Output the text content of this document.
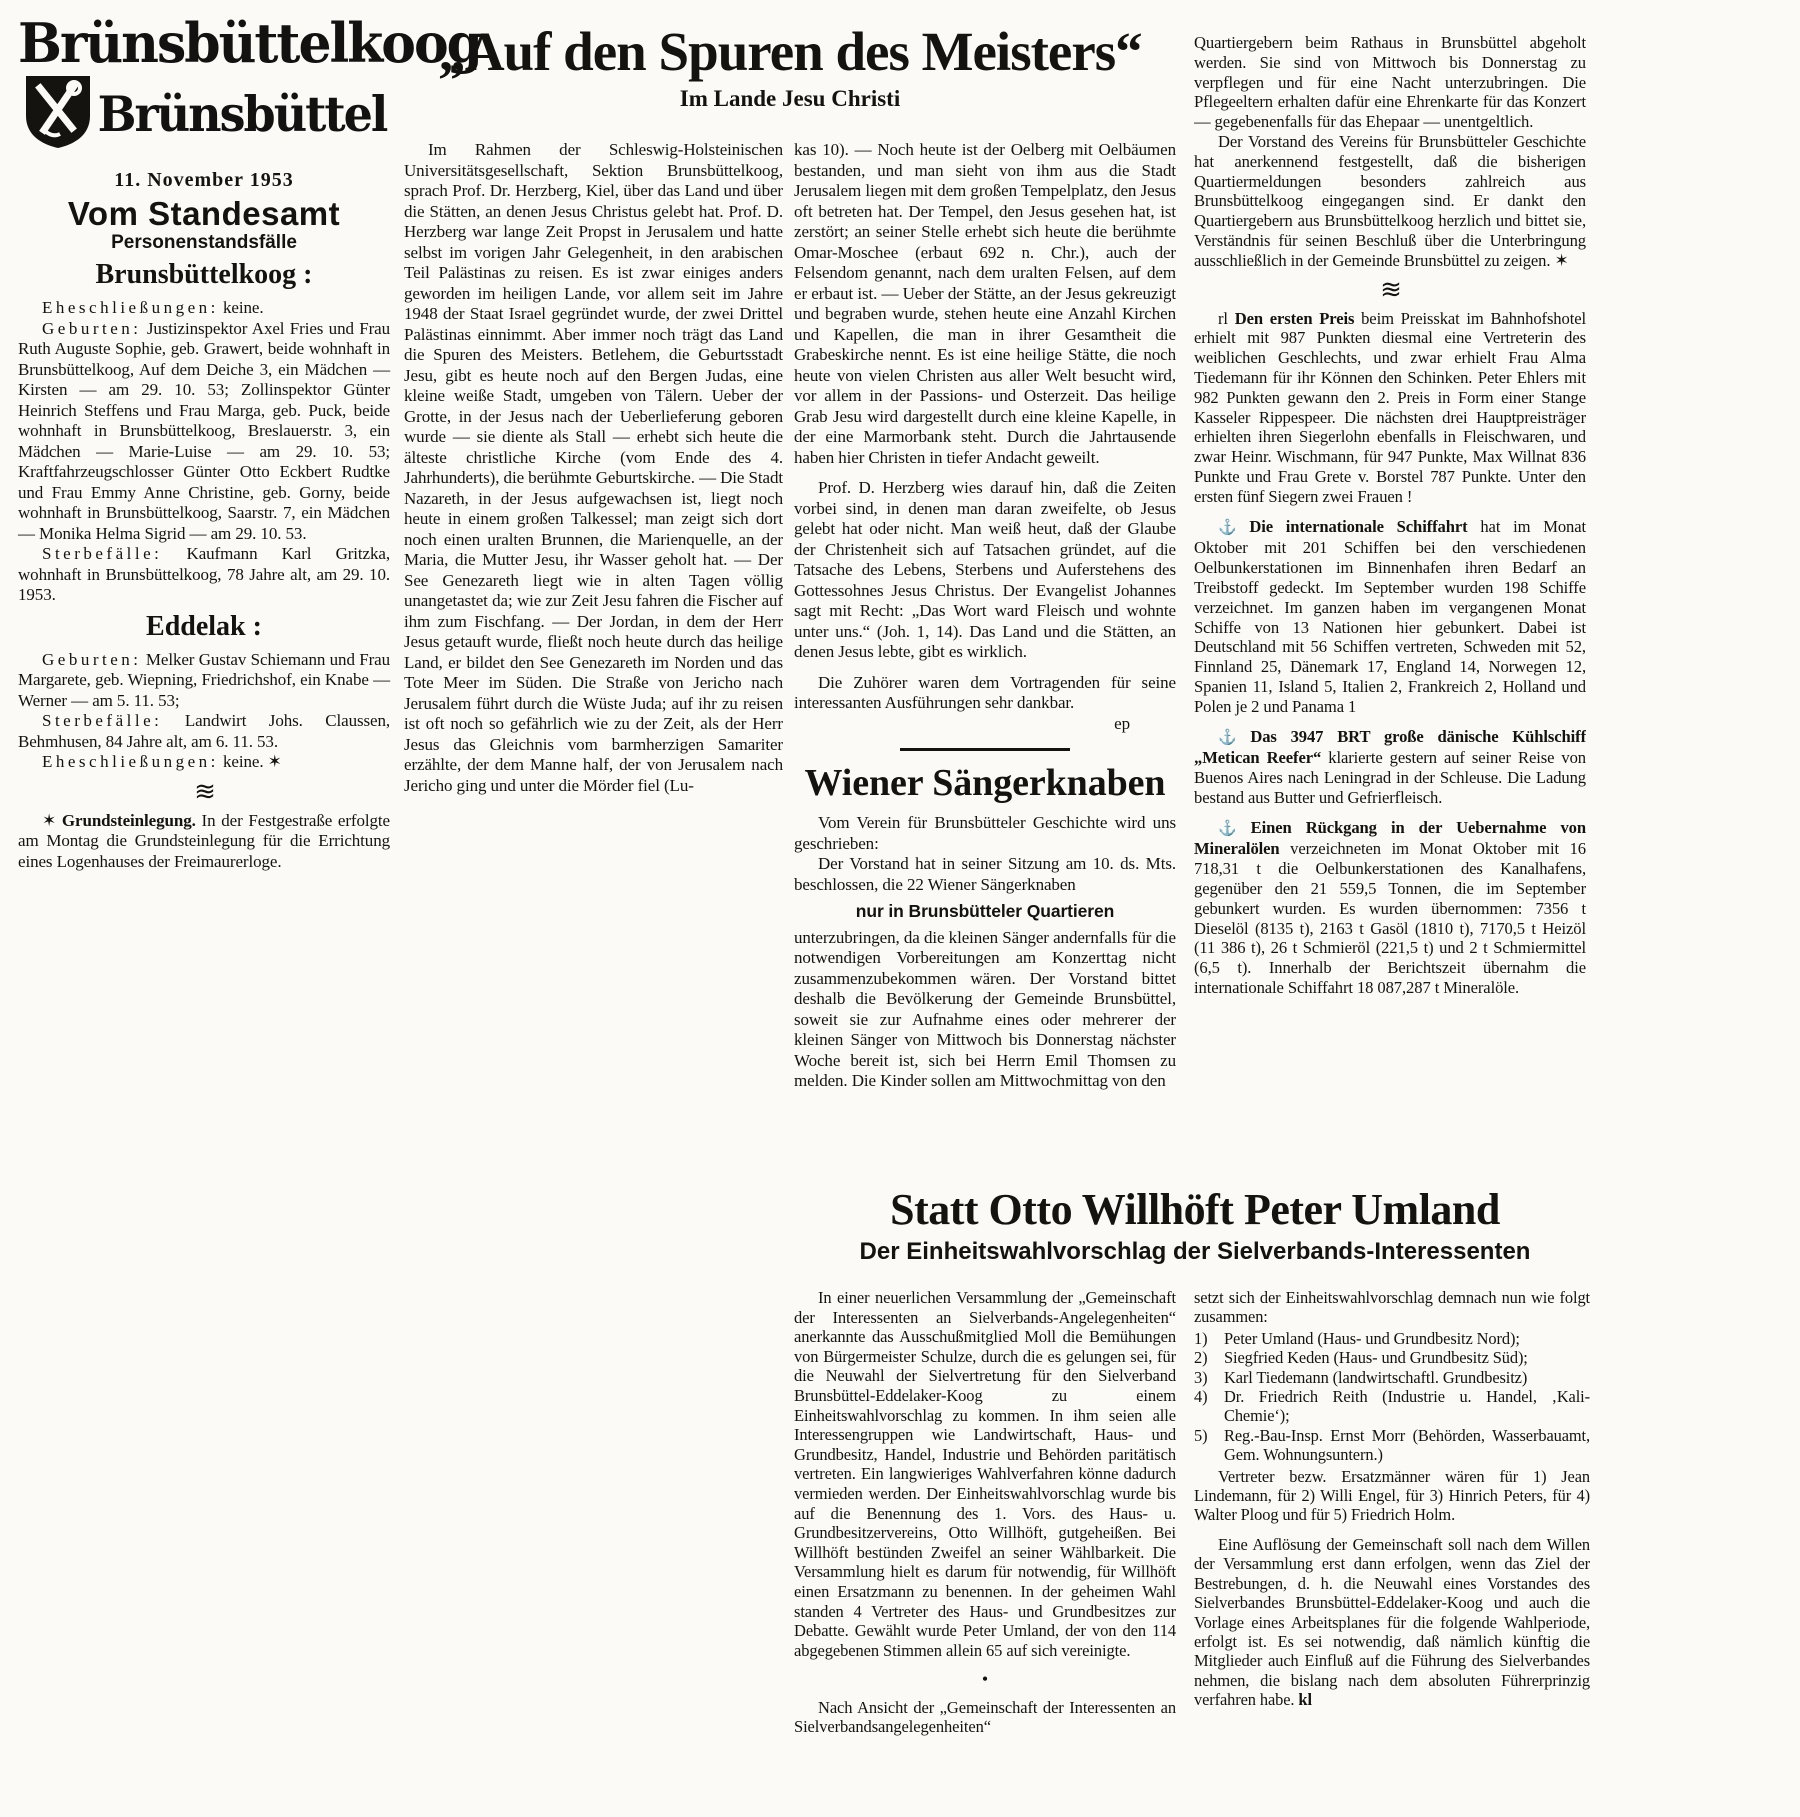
Brünsbüttelkoog
Brünsbüttel
11. November 1953
Vom Standesamt
Personenstandsfälle
Brunsbüttelkoog :

Eheschließungen: keine.

Geburten: Justizinspektor Axel Fries und Frau Ruth Auguste Sophie, geb. Grawert, beide wohnhaft in Brunsbüttelkoog, Auf dem Deiche 3, ein Mädchen — Kirsten — am 29. 10. 53; Zollinspektor Günter Heinrich Steffens und Frau Marga, geb. Puck, beide wohnhaft in Brunsbüttelkoog, Breslauerstr. 3, ein Mädchen — Marie-Luise — am 29. 10. 53; Kraftfahrzeugschlosser Günter Otto Eckbert Rudtke und Frau Emmy Anne Christine, geb. Gorny, beide wohnhaft in Brunsbüttelkoog, Saarstr. 7, ein Mädchen — Monika Helma Sigrid — am 29. 10. 53.

Sterbefälle: Kaufmann Karl Gritzka, wohnhaft in Brunsbüttelkoog, 78 Jahre alt, am 29. 10. 1953.

Eddelak :

Geburten: Melker Gustav Schiemann und Frau Margarete, geb. Wiepning, Friedrichshof, ein Knabe — Werner — am 5. 11. 53;

Sterbefälle: Landwirt Johs. Claussen, Behmhusen, 84 Jahre alt, am 6. 11. 53.

Eheschließungen: keine. ✶

≋

✶ Grundsteinlegung. In der Festgestraße erfolgte am Montag die Grundsteinlegung für die Errichtung eines Logenhauses der Freimaurerloge.

„Auf den Spuren des Meisters“
Im Lande Jesu Christi

Im Rahmen der Schleswig-Holsteinischen Universitätsgesellschaft, Sektion Brunsbüttelkoog, sprach Prof. Dr. Herzberg, Kiel, über das Land und über die Stätten, an denen Jesus Christus gelebt hat. Prof. D. Herzberg war lange Zeit Propst in Jerusalem und hatte selbst im vorigen Jahr Gelegenheit, in den arabischen Teil Palästinas zu reisen. Es ist zwar einiges anders geworden im heiligen Lande, vor allem seit im Jahre 1948 der Staat Israel gegründet wurde, der zwei Drittel Palästinas einnimmt. Aber immer noch trägt das Land die Spuren des Meisters. Betlehem, die Geburtsstadt Jesu, gibt es heute noch auf den Bergen Judas, eine kleine weiße Stadt, umgeben von Tälern. Ueber der Grotte, in der Jesus nach der Ueberlieferung geboren wurde — sie diente als Stall — erhebt sich heute die älteste christliche Kirche (vom Ende des 4. Jahrhunderts), die berühmte Geburtskirche. — Die Stadt Nazareth, in der Jesus aufgewachsen ist, liegt noch heute in einem großen Talkessel; man zeigt sich dort noch einen uralten Brunnen, die Marienquelle, an der Maria, die Mutter Jesu, ihr Wasser geholt hat. — Der See Genezareth liegt wie in alten Tagen völlig unangetastet da; wie zur Zeit Jesu fahren die Fischer auf ihm zum Fischfang. — Der Jordan, in dem der Herr Jesus getauft wurde, fließt noch heute durch das heilige Land, er bildet den See Genezareth im Norden und das Tote Meer im Süden. Die Straße von Jericho nach Jerusalem führt durch die Wüste Juda; auf ihr zu reisen ist oft noch so gefährlich wie zu der Zeit, als der Herr Jesus das Gleichnis vom barmherzigen Samariter erzählte, der dem Manne half, der von Jerusalem nach Jericho ging und unter die Mörder fiel (Lu-

kas 10). — Noch heute ist der Oelberg mit Oelbäumen bestanden, und man sieht von ihm aus die Stadt Jerusalem liegen mit dem großen Tempelplatz, den Jesus oft betreten hat. Der Tempel, den Jesus gesehen hat, ist zerstört; an seiner Stelle erhebt sich heute die berühmte Omar-Moschee (erbaut 692 n. Chr.), auch der Felsendom genannt, nach dem uralten Felsen, auf dem er erbaut ist. — Ueber der Stätte, an der Jesus gekreuzigt und begraben wurde, stehen heute eine Anzahl Kirchen und Kapellen, die man in ihrer Gesamtheit die Grabeskirche nennt. Es ist eine heilige Stätte, die noch heute von vielen Christen aus aller Welt besucht wird, vor allem in der Passions- und Osterzeit. Das heilige Grab Jesu wird dargestellt durch eine kleine Kapelle, in der eine Marmorbank steht. Durch die Jahrtausende haben hier Christen in tiefer Andacht geweilt.

Prof. D. Herzberg wies darauf hin, daß die Zeiten vorbei sind, in denen man daran zweifelte, ob Jesus gelebt hat oder nicht. Man weiß heut, daß der Glaube der Christenheit sich auf Tatsachen gründet, auf die Tatsache des Lebens, Sterbens und Auferstehens des Gottessohnes Jesus Christus. Der Evangelist Johannes sagt mit Recht: „Das Wort ward Fleisch und wohnte unter uns.“ (Joh. 1, 14). Das Land und die Stätten, an denen Jesus lebte, gibt es wirklich.

Die Zuhörer waren dem Vortragenden für seine interessanten Ausführungen sehr dankbar.

ep

Wiener Sängerknaben

Vom Verein für Brunsbütteler Geschichte wird uns geschrieben:

Der Vorstand hat in seiner Sitzung am 10. ds. Mts. beschlossen, die 22 Wiener Sängerknaben

nur in Brunsbütteler Quartieren

unterzubringen, da die kleinen Sänger andernfalls für die notwendigen Vorbereitungen am Konzerttag nicht zusammenzubekommen wären. Der Vorstand bittet deshalb die Bevölkerung der Gemeinde Brunsbüttel, soweit sie zur Aufnahme eines oder mehrerer der kleinen Sänger von Mittwoch bis Donnerstag nächster Woche bereit ist, sich bei Herrn Emil Thomsen zu melden. Die Kinder sollen am Mittwochmittag von den

Quartiergebern beim Rathaus in Brunsbüttel abgeholt werden. Sie sind von Mittwoch bis Donnerstag zu verpflegen und für eine Nacht unterzubringen. Die Pflegeeltern erhalten dafür eine Ehrenkarte für das Konzert — gegebenenfalls für das Ehepaar — unentgeltlich.

Der Vorstand des Vereins für Brunsbütteler Geschichte hat anerkennend festgestellt, daß die bisherigen Quartiermeldungen besonders zahlreich aus Brunsbüttelkoog eingegangen sind. Er dankt den Quartiergebern aus Brunsbüttelkoog herzlich und bittet sie, Verständnis für seinen Beschluß über die Unterbringung ausschließlich in der Gemeinde Brunsbüttel zu zeigen. ✶

≋

rl Den ersten Preis beim Preisskat im Bahnhofshotel erhielt mit 987 Punkten diesmal eine Vertreterin des weiblichen Geschlechts, und zwar erhielt Frau Alma Tiedemann für ihr Können den Schinken. Peter Ehlers mit 982 Punkten gewann den 2. Preis in Form einer Stange Kasseler Rippespeer. Die nächsten drei Hauptpreisträger erhielten ihren Siegerlohn ebenfalls in Fleischwaren, und zwar Heinr. Wischmann, für 947 Punkte, Max Willnat 836 Punkte und Frau Grete v. Borstel 787 Punkte. Unter den ersten fünf Siegern zwei Frauen !

⚓ Die internationale Schiffahrt hat im Monat Oktober mit 201 Schiffen bei den verschiedenen Oelbunkerstationen im Binnenhafen ihren Bedarf an Treibstoff gedeckt. Im September wurden 198 Schiffe verzeichnet. Im ganzen haben im vergangenen Monat Schiffe von 13 Nationen hier gebunkert. Dabei ist Deutschland mit 56 Schiffen vertreten, Schweden mit 52, Finnland 25, Dänemark 17, England 14, Norwegen 12, Spanien 11, Island 5, Italien 2, Frankreich 2, Holland und Polen je 2 und Panama 1

⚓ Das 3947 BRT große dänische Kühlschiff „Metican Reefer“ klarierte gestern auf seiner Reise von Buenos Aires nach Leningrad in der Schleuse. Die Ladung bestand aus Butter und Gefrierfleisch.

⚓ Einen Rückgang in der Uebernahme von Mineralölen verzeichneten im Monat Oktober mit 16 718,31 t die Oelbunkerstationen des Kanalhafens, gegenüber den 21 559,5 Tonnen, die im September gebunkert wurden. Es wurden übernommen: 7356 t Dieselöl (8135 t), 2163 t Gasöl (1810 t), 7170,5 t Heizöl (11 386 t), 26 t Schmieröl (221,5 t) und 2 t Schmiermittel (6,5 t). Innerhalb der Berichtszeit übernahm die internationale Schiffahrt 18 087,287 t Mineralöle.

Statt Otto Willhöft Peter Umland
Der Einheitswahlvorschlag der Sielverbands-Interessenten

In einer neuerlichen Versammlung der „Gemeinschaft der Interessenten an Sielverbands-Angelegenheiten“ anerkannte das Ausschußmitglied Moll die Bemühungen von Bürgermeister Schulze, durch die es gelungen sei, für die Neuwahl der Sielvertretung für den Sielverband Brunsbüttel-Eddelaker-Koog zu einem Einheitswahlvorschlag zu kommen. In ihm seien alle Interessengruppen wie Landwirtschaft, Haus- und Grundbesitz, Handel, Industrie und Behörden paritätisch vertreten. Ein langwieriges Wahlverfahren könne dadurch vermieden werden. Der Einheitswahlvorschlag wurde bis auf die Benennung des 1. Vors. des Haus- u. Grundbesitzervereins, Otto Willhöft, gutgeheißen. Bei Willhöft bestünden Zweifel an seiner Wählbarkeit. Die Versammlung hielt es darum für notwendig, für Willhöft einen Ersatzmann zu benennen. In der geheimen Wahl standen 4 Vertreter des Haus- und Grundbesitzes zur Debatte. Gewählt wurde Peter Umland, der von den 114 abgegebenen Stimmen allein 65 auf sich vereinigte.

•

Nach Ansicht der „Gemeinschaft der Interessenten an Sielverbandsangelegenheiten“

setzt sich der Einheitswahlvorschlag demnach nun wie folgt zusammen:

1)	Peter Umland (Haus- und Grundbesitz Nord);
2)	Siegfried Keden (Haus- und Grundbesitz Süd);
3)	Karl Tiedemann (landwirtschaftl. Grundbesitz)
4)	Dr. Friedrich Reith (Industrie u. Handel, ‚Kali-Chemie‘);
5)	Reg.-Bau-Insp. Ernst Morr (Behörden, Wasserbauamt, Gem. Wohnungsuntern.)

Vertreter bezw. Ersatzmänner wären für 1) Jean Lindemann, für 2) Willi Engel, für 3) Hinrich Peters, für 4) Walter Ploog und für 5) Friedrich Holm.

Eine Auflösung der Gemeinschaft soll nach dem Willen der Versammlung erst dann erfolgen, wenn das Ziel der Bestrebungen, d. h. die Neuwahl eines Vorstandes des Sielverbandes Brunsbüttel-Eddelaker-Koog und auch die Vorlage eines Arbeitsplanes für die folgende Wahlperiode, erfolgt ist. Es sei notwendig, daß nämlich künftig die Mitglieder auch Einfluß auf die Führung des Sielverbandes nehmen, die bislang nach dem absoluten Führerprinzig verfahren habe. kl
